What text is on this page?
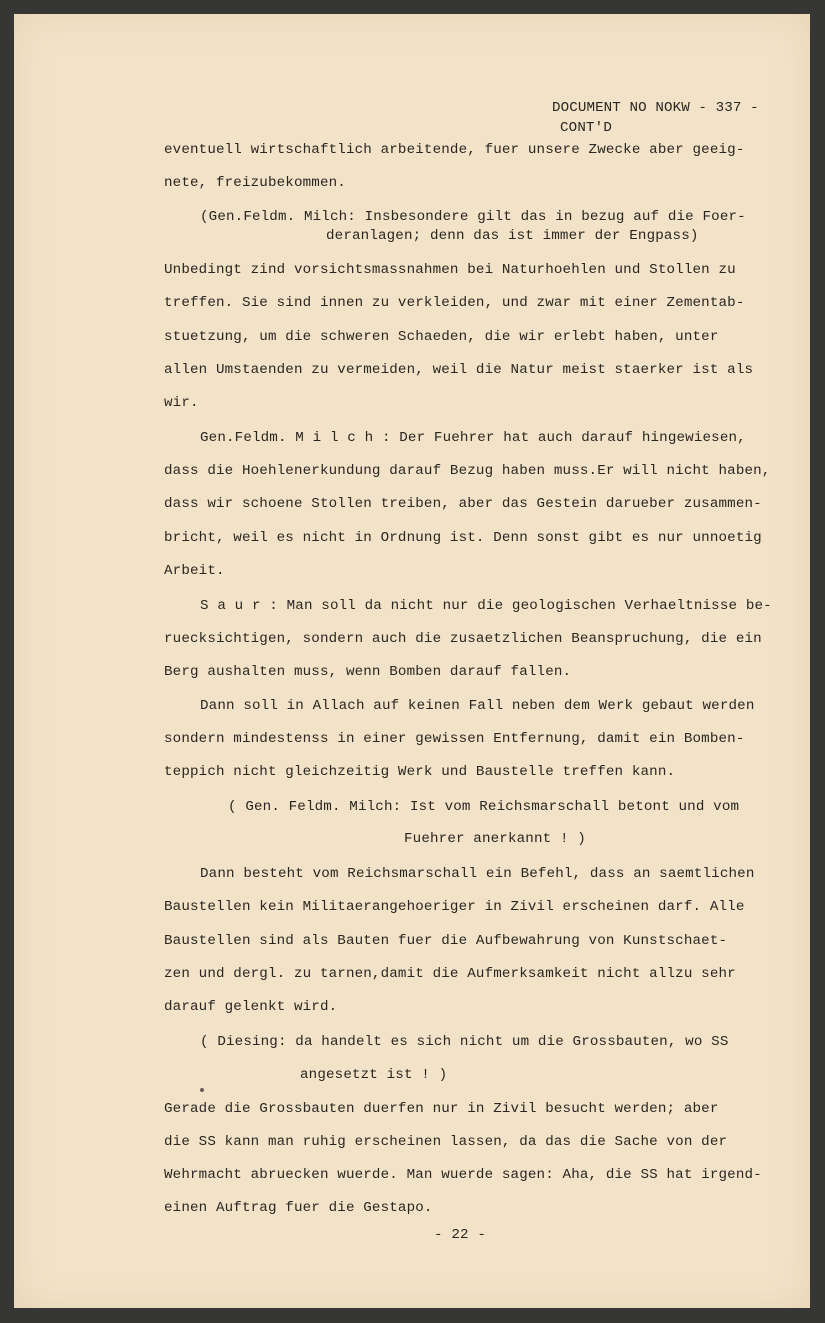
DOCUMENT NO NOKW - 337 -
CONT'D
eventuell wirtschaftlich arbeitende, fuer unsere Zwecke aber geeig-
nete, freizubekommen.
(Gen.Feldm. Milch: Insbesondere gilt das in bezug auf die Foer-
deranlagen; denn das ist immer der Engpass)
Unbedingt zind vorsichtsmassnahmen bei Naturhoehlen und Stollen zu
treffen. Sie sind innen zu verkleiden, und zwar mit einer Zementab-
stuetzung, um die schweren Schaeden, die wir erlebt haben, unter
allen Umstaenden zu vermeiden, weil die Natur meist staerker ist als
wir.
Gen.Feldm. M i l c h : Der Fuehrer hat auch darauf hingewiesen,
dass die Hoehlenerkundung darauf Bezug haben muss.Er will nicht haben,
dass wir schoene Stollen treiben, aber das Gestein darueber zusammen-
bricht, weil es nicht in Ordnung ist. Denn sonst gibt es nur unnoetig
Arbeit.
S a u r : Man soll da nicht nur die geologischen Verhaeltnisse be-
ruecksichtigen, sondern auch die zusaetzlichen Beanspruchung, die ein
Berg aushalten muss, wenn Bomben darauf fallen.
Dann soll in Allach auf keinen Fall neben dem Werk gebaut werden
sondern mindestenss in einer gewissen Entfernung, damit ein Bomben-
teppich nicht gleichzeitig Werk und Baustelle treffen kann.
( Gen. Feldm. Milch: Ist vom Reichsmarschall betont und vom
Fuehrer anerkannt ! )
Dann besteht vom Reichsmarschall ein Befehl, dass an saemtlichen
Baustellen kein Militaerangehoeriger in Zivil erscheinen darf. Alle
Baustellen sind als Bauten fuer die Aufbewahrung von Kunstschaet-
zen und dergl. zu tarnen,damit die Aufmerksamkeit nicht allzu sehr
darauf gelenkt wird.
( Diesing: da handelt es sich nicht um die Grossbauten, wo SS
angesetzt ist ! )
Gerade die Grossbauten duerfen nur in Zivil besucht werden; aber
die SS kann man ruhig erscheinen lassen, da das die Sache von der
Wehrmacht abruecken wuerde. Man wuerde sagen: Aha, die SS hat irgend-
einen Auftrag fuer die Gestapo.
- 22 -
